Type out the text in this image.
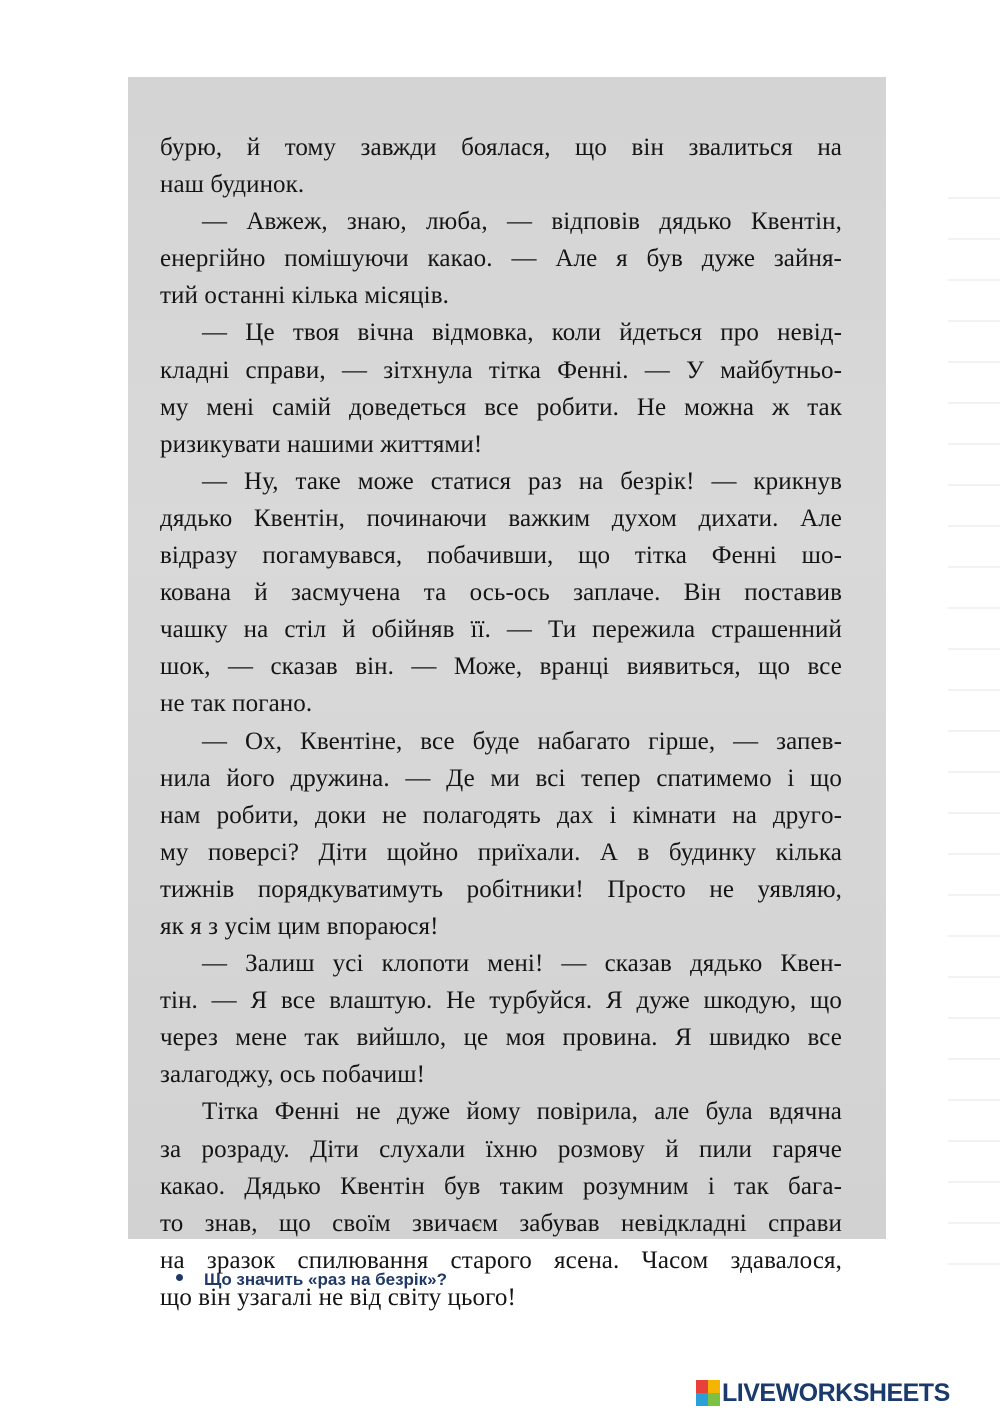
бурю, й тому завжди боялася, що він звалиться на
наш будинок.
— Авжеж, знаю, люба, — відповів дядько Квентін,
енергійно помішуючи какао. — Але я був дуже зайня-
тий останні кілька місяців.
— Це твоя вічна відмовка, коли йдеться про невід-
кладні справи, — зітхнула тітка Фенні. — У майбутньо-
му мені самій доведеться все робити. Не можна ж так
ризикувати нашими життями!
— Ну, таке може статися раз на безрік! — крикнув
дядько Квентін, починаючи важким духом дихати. Але
відразу погамувався, побачивши, що тітка Фенні шо-
кована й засмучена та ось-ось заплаче. Він поставив
чашку на стіл й обійняв її. — Ти пережила страшенний
шок, — сказав він. — Може, вранці виявиться, що все
не так погано.
— Ох, Квентіне, все буде набагато гірше, — запев-
нила його дружина. — Де ми всі тепер спатимемо і що
нам робити, доки не полагодять дах і кімнати на другo-
му поверсі? Діти щойно приїхали. А в будинку кілька
тижнів порядкуватимуть робітники! Просто не уявляю,
як я з усім цим впораюся!
— Залиш усі клопоти мені! — сказав дядько Квен-
тін. — Я все влаштую. Не турбуйся. Я дуже шкодую, що
через мене так вийшло, це моя провина. Я швидко все
залагоджу, ось побачиш!
Тітка Фенні не дуже йому повірила, але була вдячна
за розраду. Діти слухали їхню розмову й пили гаряче
какао. Дядько Квентін був таким розумним і так бага-
то знав, що своїм звичаєм забував невідкладні справи
на зразок спилювання старого ясена. Часом здавалося,
що він узагалі не від світу цього!
Що значить «раз на безрік»?
LIVEWORKSHEETS
